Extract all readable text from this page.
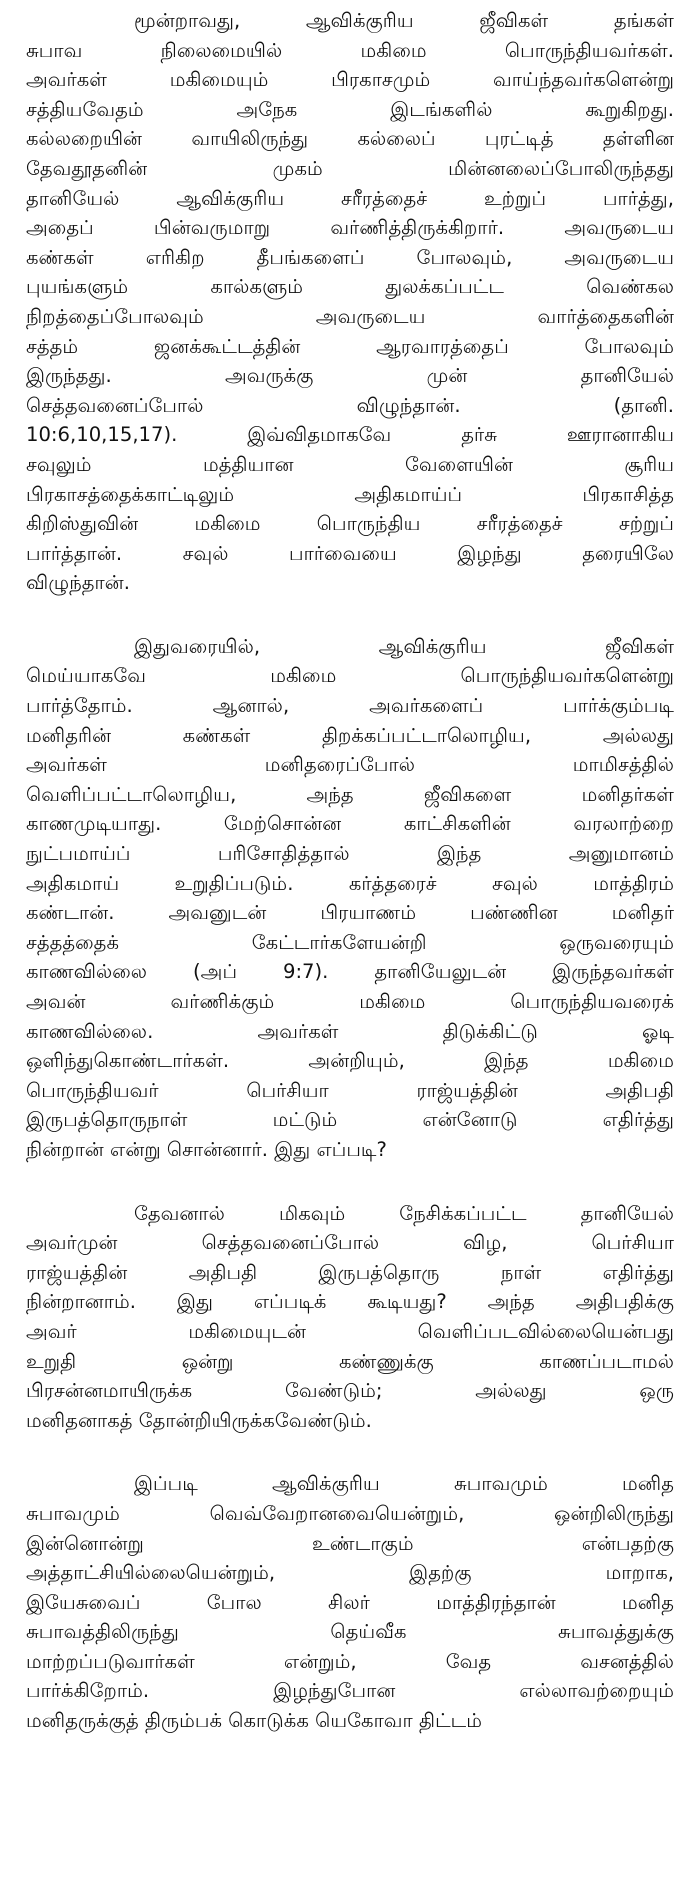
மூன்றாவது, ஆவிக்குரிய ஜீவிகள் தங்கள்
சுபாவ நிலைமையில் மகிமை பொருந்தியவர்கள்.
அவர்கள் மகிமையும் பிரகாசமும் வாய்ந்தவர்களென்று
சத்தியவேதம் அநேக இடங்களில் கூறுகிறது.
கல்லறையின் வாயிலிருந்து கல்லைப் புரட்டித் தள்ளின
தேவதூதனின் முகம் மின்னலைப்போலிருந்தது
தானியேல் ஆவிக்குரிய சரீரத்தைச் உற்றுப் பார்த்து,
அதைப் பின்வருமாறு வர்ணித்திருக்கிறார். அவருடைய
கண்கள் எரிகிற தீபங்களைப் போலவும், அவருடைய
புயங்களும் கால்களும் துலக்கப்பட்ட வெண்கல
நிறத்தைப்போலவும் அவருடைய வார்த்தைகளின்
சத்தம் ஜனக்கூட்டத்தின் ஆரவாரத்தைப் போலவும்
இருந்தது. அவருக்கு முன் தானியேல்
செத்தவனைப்போல் விழுந்தான். (தானி.
10:6,10,15,17). இவ்விதமாகவே தர்சு ஊரானாகிய
சவுலும் மத்தியான வேளையின் சூரிய
பிரகாசத்தைக்காட்டிலும் அதிகமாய்ப் பிரகாசித்த
கிறிஸ்துவின் மகிமை பொருந்திய சரீரத்தைச் சற்றுப்
பார்த்தான். சவுல் பார்வையை இழந்து தரையிலே
விழுந்தான்.

இதுவரையில், ஆவிக்குரிய ஜீவிகள்
மெய்யாகவே மகிமை பொருந்தியவர்களென்று
பார்த்தோம். ஆனால், அவர்களைப் பார்க்கும்படி
மனிதரின் கண்கள் திறக்கப்பட்டாலொழிய, அல்லது
அவர்கள் மனிதரைப்போல் மாமிசத்தில்
வெளிப்பட்டாலொழிய, அந்த ஜீவிகளை மனிதர்கள்
காணமுடியாது. மேற்சொன்ன காட்சிகளின் வரலாற்றை
நுட்பமாய்ப் பரிசோதித்தால் இந்த அனுமானம்
அதிகமாய் உறுதிப்படும். கர்த்தரைச் சவுல் மாத்திரம்
கண்டான். அவனுடன் பிரயாணம் பண்ணின மனிதர்
சத்தத்தைக் கேட்டார்களேயன்றி ஒருவரையும்
காணவில்லை (அப் 9:7). தானியேலுடன் இருந்தவர்கள்
அவன் வர்ணிக்கும் மகிமை பொருந்தியவரைக்
காணவில்லை. அவர்கள் திடுக்கிட்டு ஓடி
ஒளிந்துகொண்டார்கள். அன்றியும், இந்த மகிமை
பொருந்தியவர் பெர்சியா ராஜ்யத்தின் அதிபதி
இருபத்தொருநாள் மட்டும் என்னோடு எதிர்த்து
நின்றான் என்று சொன்னார். இது எப்படி?

தேவனால் மிகவும் நேசிக்கப்பட்ட தானியேல்
அவர்முன் செத்தவனைப்போல் விழ, பெர்சியா
ராஜ்யத்தின் அதிபதி இருபத்தொரு நாள் எதிர்த்து
நின்றானாம். இது எப்படிக் கூடியது? அந்த அதிபதிக்கு
அவர் மகிமையுடன் வெளிப்படவில்லையென்பது
உறுதி ஒன்று கண்ணுக்கு காணப்படாமல்
பிரசன்னமாயிருக்க வேண்டும்; அல்லது ஒரு
மனிதனாகத் தோன்றியிருக்கவேண்டும்.

இப்படி ஆவிக்குரிய சுபாவமும் மனித
சுபாவமும் வெவ்வேறானவையென்றும், ஒன்றிலிருந்து
இன்னொன்று உண்டாகும் என்பதற்கு
அத்தாட்சியில்லையென்றும், இதற்கு மாறாக,
இயேசுவைப் போல சிலர் மாத்திரந்தான் மனித
சுபாவத்திலிருந்து தெய்வீக சுபாவத்துக்கு
மாற்றப்படுவார்கள் என்றும், வேத வசனத்தில்
பார்க்கிறோம். இழந்துபோன எல்லாவற்றையும்
மனிதருக்குத் திரும்பக் கொடுக்க யெகோவா திட்டம்
